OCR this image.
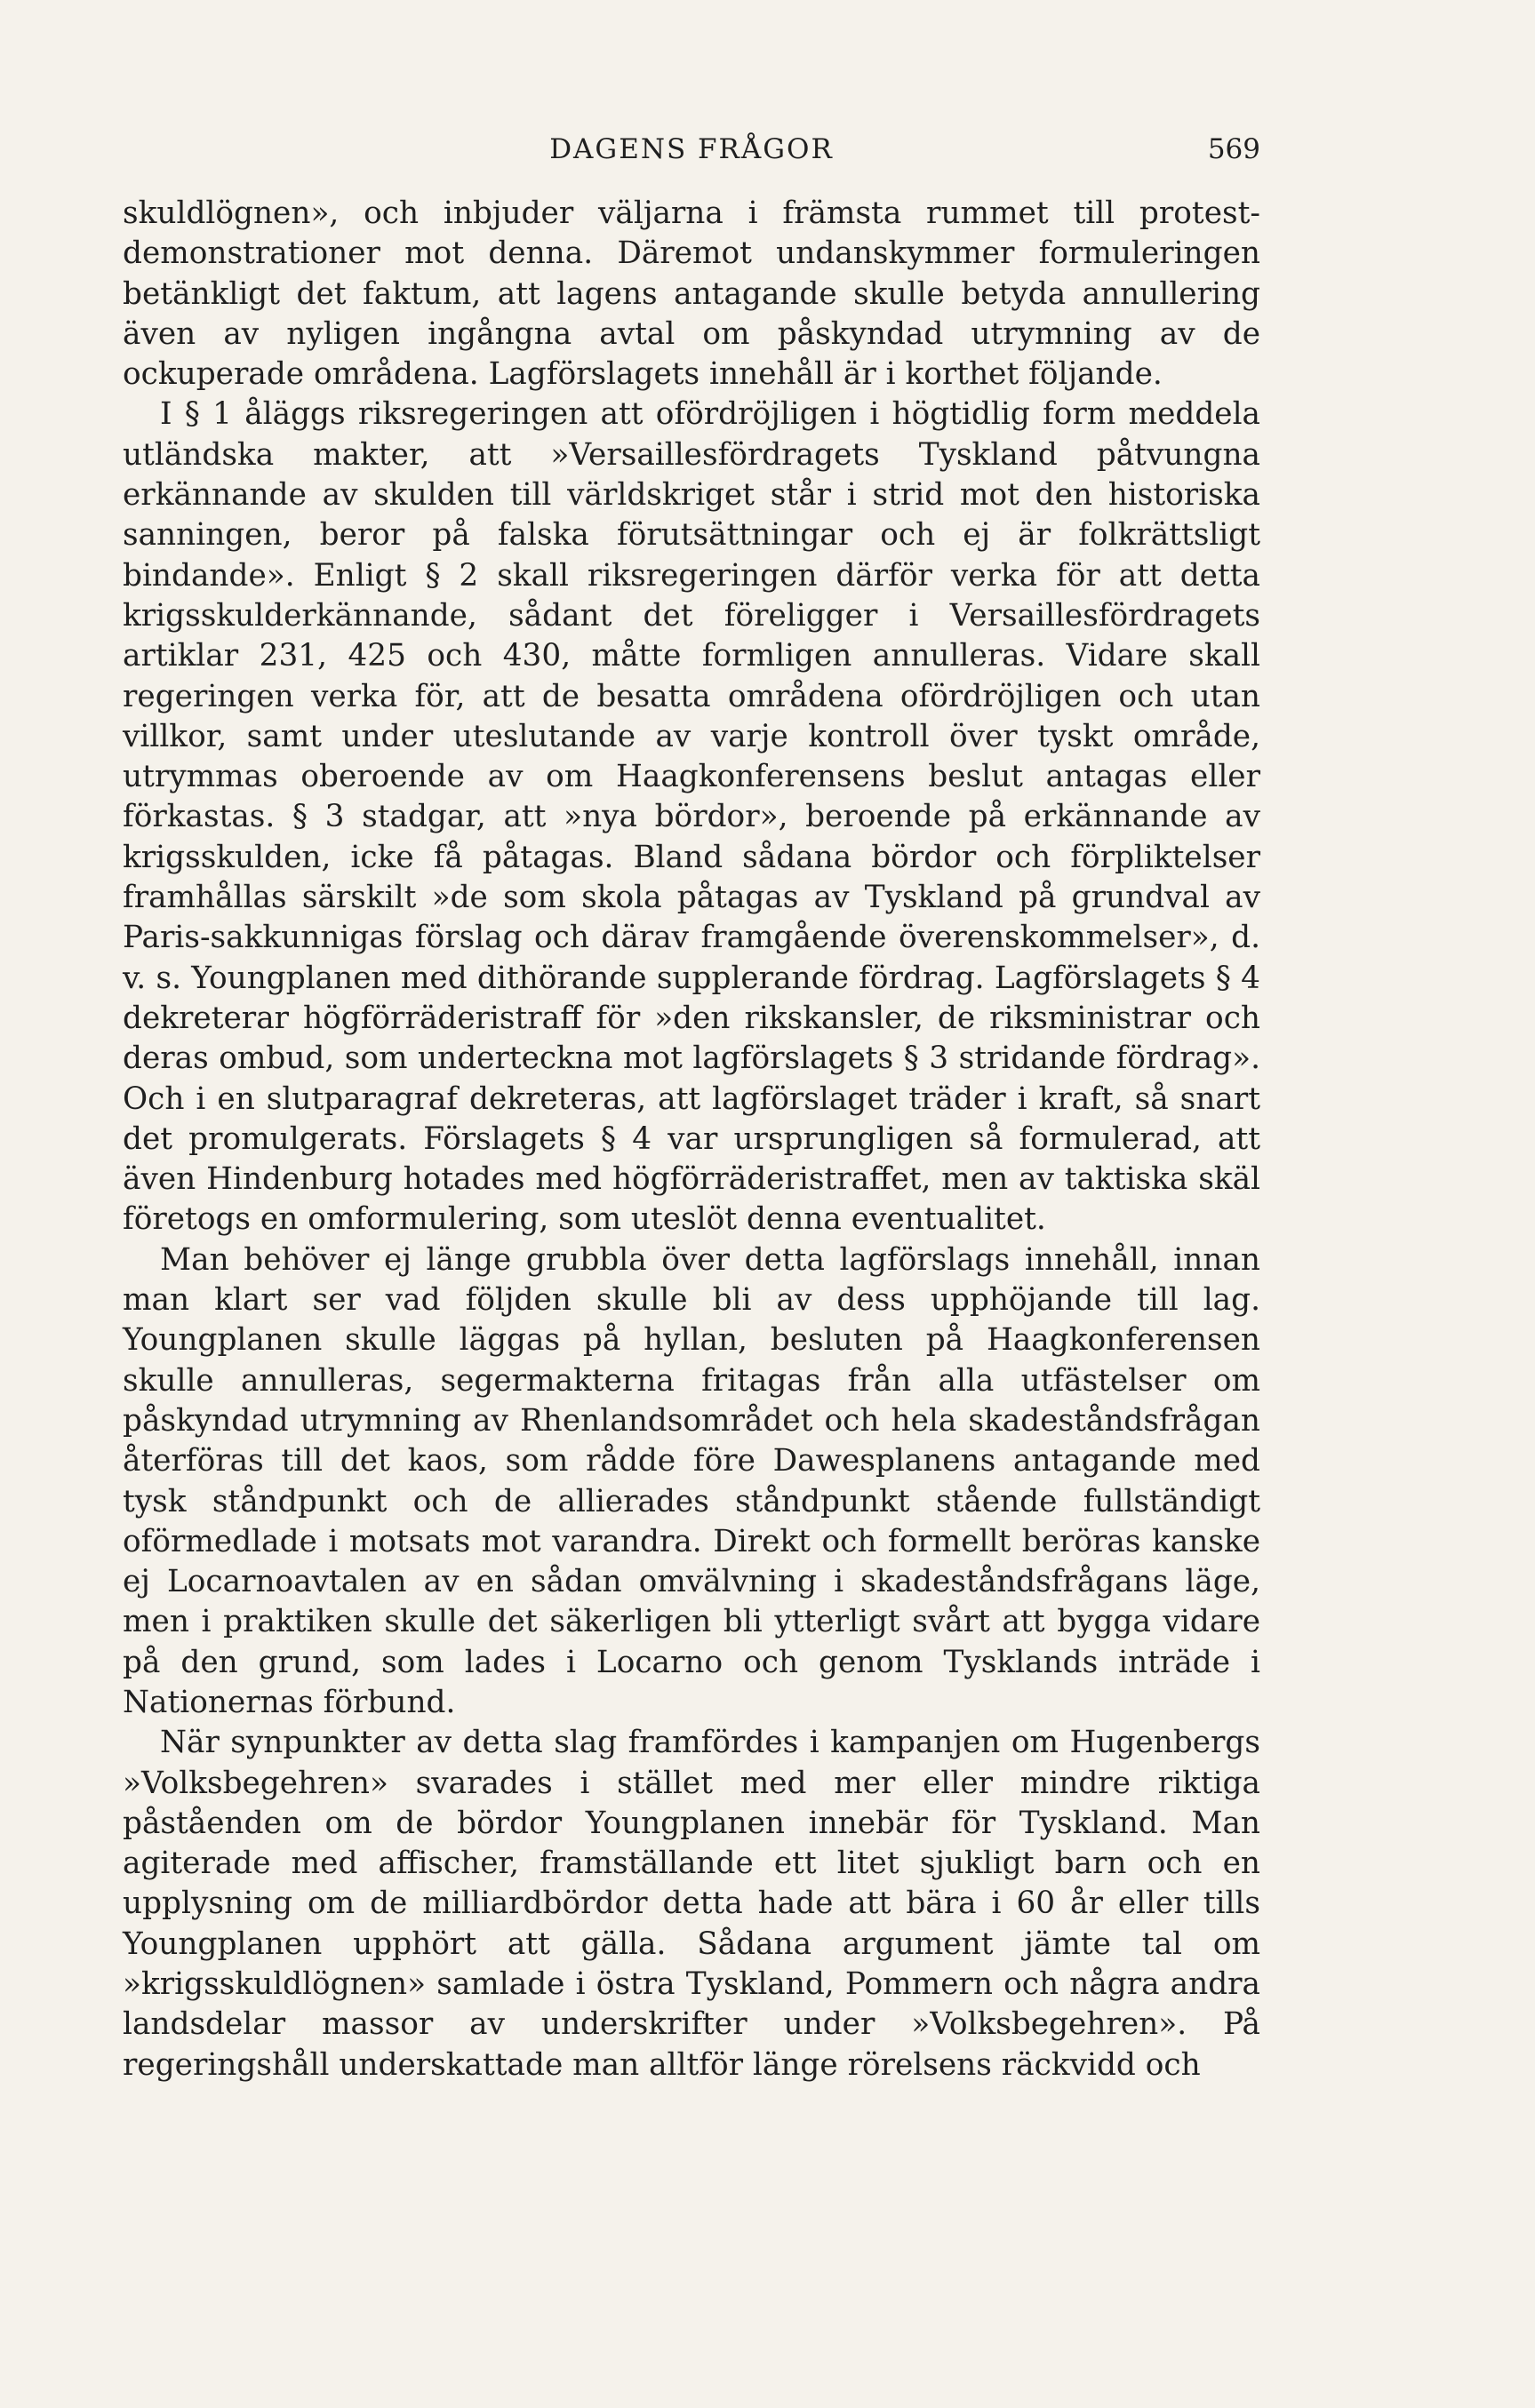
DAGENS FRÅGOR	569

skuldlögnen», och inbjuder väljarna i främsta rummet till protest-demonstrationer mot denna. Däremot undanskymmer formuleringen betänkligt det faktum, att lagens antagande skulle betyda annullering även av nyligen ingångna avtal om påskyndad utrymning av de ockuperade områdena. Lagförslagets innehåll är i korthet följande.

I § 1 åläggs riksregeringen att ofördröjligen i högtidlig form meddela utländska makter, att »Versaillesfördragets Tyskland påtvungna erkännande av skulden till världskriget står i strid mot den historiska sanningen, beror på falska förutsättningar och ej är folkrättsligt bindande». Enligt § 2 skall riksregeringen därför verka för att detta krigsskulderkännande, sådant det föreligger i Versaillesfördragets artiklar 231, 425 och 430, måtte formligen annulleras. Vidare skall regeringen verka för, att de besatta områdena ofördröjligen och utan villkor, samt under uteslutande av varje kontroll över tyskt område, utrymmas oberoende av om Haagkonferensens beslut antagas eller förkastas. § 3 stadgar, att »nya bördor», beroende på erkännande av krigsskulden, icke få påtagas. Bland sådana bördor och förpliktelser framhållas särskilt »de som skola påtagas av Tyskland på grundval av Paris-sakkunnigas förslag och därav framgående överenskommelser», d. v. s. Youngplanen med dithörande supplerande fördrag. Lagförslagets § 4 dekreterar högförräderistraff för »den rikskansler, de riksministrar och deras ombud, som underteckna mot lagförslagets § 3 stridande fördrag». Och i en slutparagraf dekreteras, att lagförslaget träder i kraft, så snart det promulgerats. Förslagets § 4 var ursprungligen så formulerad, att även Hindenburg hotades med högförräderistraffet, men av taktiska skäl företogs en omformulering, som uteslöt denna eventualitet.

Man behöver ej länge grubbla över detta lagförslags innehåll, innan man klart ser vad följden skulle bli av dess upphöjande till lag. Youngplanen skulle läggas på hyllan, besluten på Haagkonferensen skulle annulleras, segermakterna fritagas från alla utfästelser om påskyndad utrymning av Rhenlandsområdet och hela skadeståndsfrågan återföras till det kaos, som rådde före Dawesplanens antagande med tysk ståndpunkt och de allierades ståndpunkt stående fullständigt oförmedlade i motsats mot varandra. Direkt och formellt beröras kanske ej Locarnoavtalen av en sådan omvälvning i skadeståndsfrågans läge, men i praktiken skulle det säkerligen bli ytterligt svårt att bygga vidare på den grund, som lades i Locarno och genom Tysklands inträde i Nationernas förbund.

När synpunkter av detta slag framfördes i kampanjen om Hugenbergs »Volksbegehren» svarades i stället med mer eller mindre riktiga påståenden om de bördor Youngplanen innebär för Tyskland. Man agiterade med affischer, framställande ett litet sjukligt barn och en upplysning om de milliardbördor detta hade att bära i 60 år eller tills Youngplanen upphört att gälla. Sådana argument jämte tal om »krigsskuldlögnen» samlade i östra Tyskland, Pommern och några andra landsdelar massor av underskrifter under »Volksbegehren». På regeringshåll underskattade man alltför länge rörelsens räckvidd och
